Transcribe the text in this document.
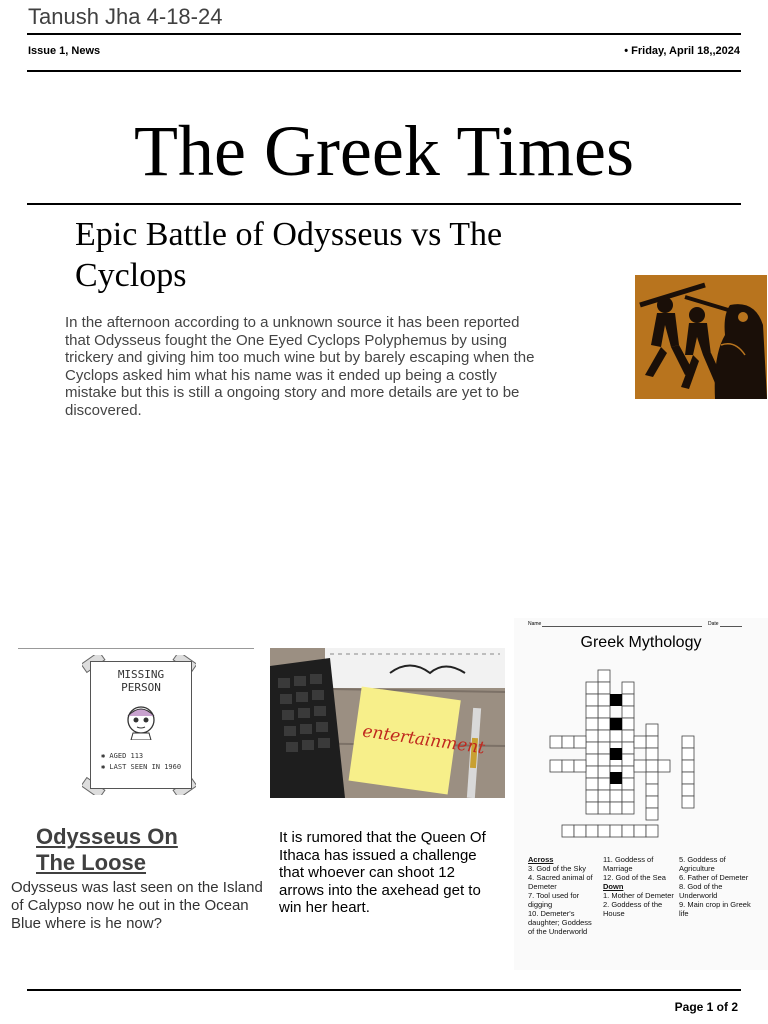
Tanush Jha 4-18-24
Issue 1, News	• Friday, April 18,,2024
The Greek Times
Epic Battle of Odysseus vs The Cyclops
In the afternoon according to a unknown source it has been reported that Odysseus fought the One Eyed Cyclops Polyphemus by using trickery and giving him too much wine but by barely escaping when the Cyclops asked him what his name was it ended up being a costly mistake but this is still a ongoing story and more details are yet to be discovered.
MISSING
PERSON
✱ AGED 113
✱ LAST SEEN IN 1960
entertainment
Odysseus On
The Loose
Odysseus was last seen on the Island of Calypso now he out in the Ocean Blue where is he now?
It is rumored that the Queen Of Ithaca has issued a challenge that whoever can shoot 12 arrows into the axehead get to win her heart.
Name	Date
Greek Mythology
Across
3. God of the Sky
4. Sacred animal of Demeter
7. Tool used for digging
10. Demeter's daughter; Goddess of the Underworld
11. Goddess of Marriage
12. God of the Sea
Down
1. Mother of Demeter
2. Goddess of the House
5. Goddess of Agriculture
6. Father of Demeter
8. God of the Underworld
9. Main crop in Greek life
Page 1 of 2
